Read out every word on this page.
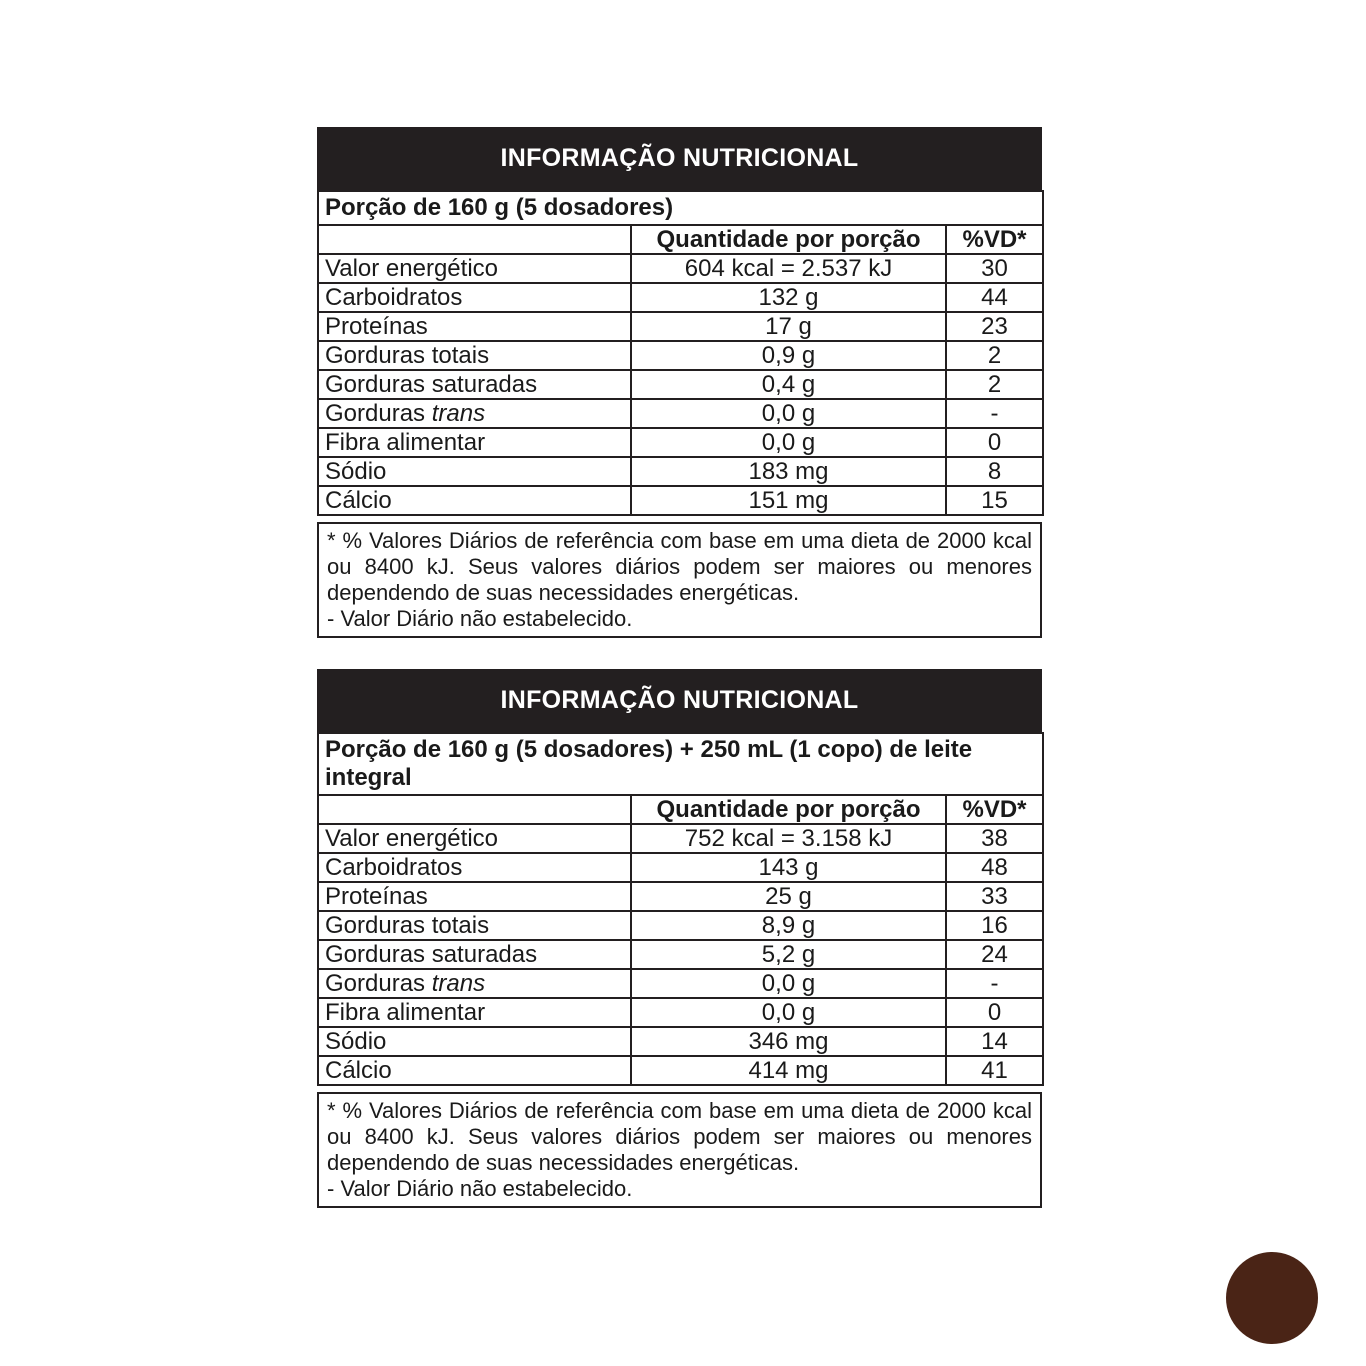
INFORMAÇÃO NUTRICIONAL
Porção de 160 g (5 dosadores)		
	Quantidade por porção	%VD*
Valor energético	604 kcal = 2.537 kJ	30
Carboidratos	132 g	44
Proteínas	17 g	23
Gorduras totais	0,9 g	2
Gorduras saturadas	0,4 g	2
Gorduras trans	0,0 g	-
Fibra alimentar	0,0 g	0
Sódio	183 mg	8
Cálcio	151 mg	15

* % Valores Diários de referência com base em uma dieta de 2000 kcal ou 8400 kJ. Seus valores diários podem ser maiores ou menores dependendo de suas necessidades energéticas.

- Valor Diário não estabelecido.

INFORMAÇÃO NUTRICIONAL
Porção de 160 g (5 dosadores) + 250 mL (1 copo) de leite integral		
	Quantidade por porção	%VD*
Valor energético	752 kcal = 3.158 kJ	38
Carboidratos	143 g	48
Proteínas	25 g	33
Gorduras totais	8,9 g	16
Gorduras saturadas	5,2 g	24
Gorduras trans	0,0 g	-
Fibra alimentar	0,0 g	0
Sódio	346 mg	14
Cálcio	414 mg	41

* % Valores Diários de referência com base em uma dieta de 2000 kcal ou 8400 kJ. Seus valores diários podem ser maiores ou menores dependendo de suas necessidades energéticas.

- Valor Diário não estabelecido.
